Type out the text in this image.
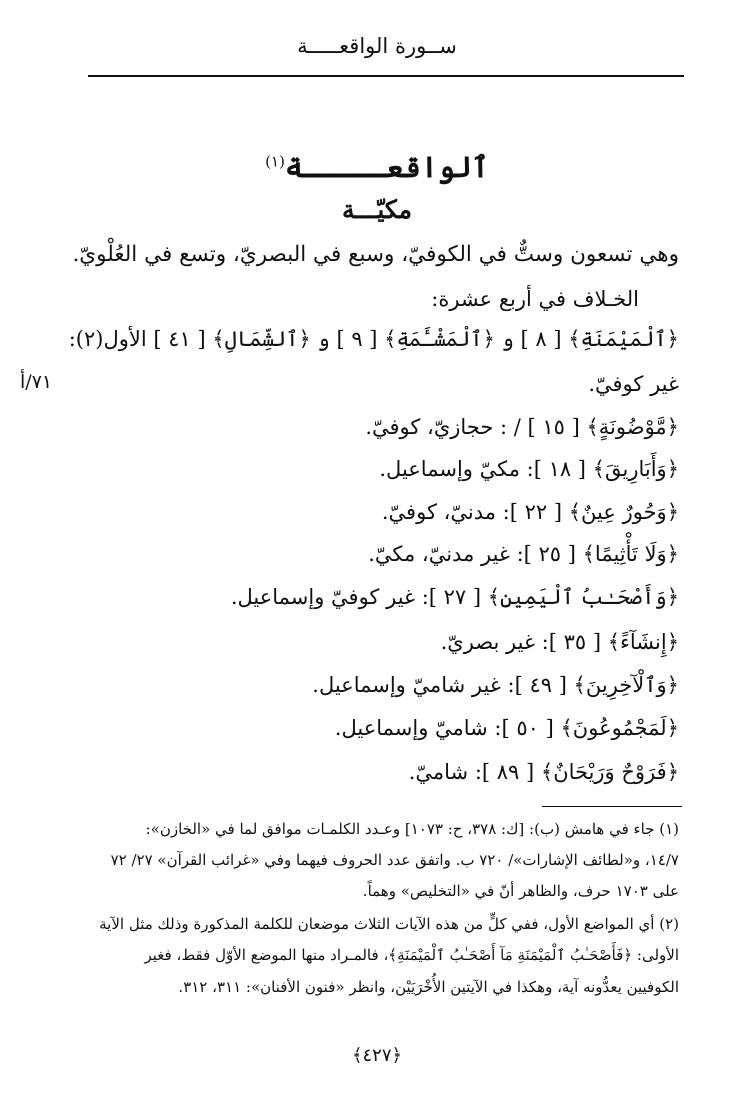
ســورة الواقعـــــة
ٱلواقعـــــة$^{(١)}$
مكيّـــة
وهي تسعون وستٌّ في الكوفيّ، وسبع في البصريّ، وتسع في العُلْويّ.
الخـلاف في أربع عشرة:
﴿ٱلْمَيْمَنَةِ﴾ [ ٨ ] و ﴿ٱلْمَشْـَٔمَةِ﴾ [ ٩ ] و ﴿ٱلشِّمَالِ﴾ [ ٤١ ] الأول(٢):
غير كوفيّ.
﴿مَّوْضُونَةٍ﴾ [ ١٥ ] / : حجازيّ، كوفيّ.
﴿وَأَبَارِيقَ﴾ [ ١٨ ]: مكيّ وإسماعيل.
﴿وَحُورٌ عِينٌ﴾ [ ٢٢ ]: مدنيّ، كوفيّ.
﴿وَلَا تَأْثِيمًا﴾ [ ٢٥ ]: غير مدنيّ، مكيّ.
﴿وَأَصْحَـٰبُ ٱلْيَمِينِ﴾ [ ٢٧ ]: غير كوفيّ وإسماعيل.
﴿إِنشَآءً﴾ [ ٣٥ ]: غير بصريّ.
﴿وَٱلْآخِرِينَ﴾ [ ٤٩ ]: غير شاميّ وإسماعيل.
﴿لَمَجْمُوعُونَ﴾ [ ٥٠ ]: شاميّ وإسماعيل.
﴿فَرَوْحٌ وَرَيْحَانٌ﴾ [ ٨٩ ]: شاميّ.
٧١/أ
(١) جاء في هامش (ب): [ك: ٣٧٨، ح: ١٠٧٣] وعـدد الكلمـات موافق لما في «الخازن»:
١٤/٧، و«لطائف الإشارات»/ ٧٢٠ ب. واتفق عدد الحروف فيهما وفي «غرائب القرآن» ٢٧/ ٧٢
على ١٧٠٣ حرف، والظاهر أنّ في «التخليص» وهماً.
(٢) أي المواضع الأول، ففي كلٍّ من هذه الآيات الثلاث موضعان للكلمة المذكورة وذلك مثل الآية
الأولى: ﴿فَأَصْحَـٰبُ ٱلْمَيْمَنَةِ مَآ أَصْحَـٰبُ ٱلْمَيْمَنَةِ﴾، فالمـراد منها الموضع الأوّل فقط، فغير
الكوفيين يعدُّونه آية، وهكذا في الآيتين الأُخْرَيَيْن، وانظر «فنون الأفنان»: ٣١١، ٣١٢.
﴿٤٢٧﴾
